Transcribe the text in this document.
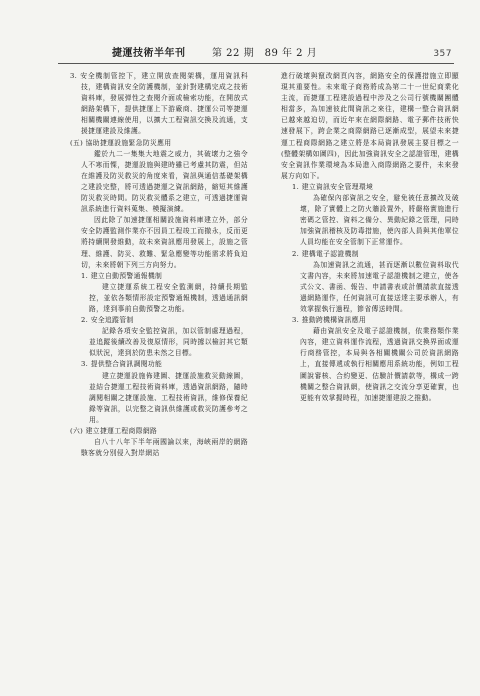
捷運技術半年刊	第 22 期　89 年 2 月	357

3. 安全機制管控下，建立開放查閱架構，運用資訊科技，建構資訊安全防護機制，並針對建構完成之技術資料庫，發展弹性之查閱介面或檢索功能，在開放式網路架構下，提供捷運上下游廠商、捷運公司等捷運相關機關連線使用，以擴大工程資訊交換及流通，支援捷運建設及維護。

(五) 協助捷運設施緊急防災應用

鑑於九二一集集大地震之威力，其破壞力之強令人不寒而慄，捷運設施與建時雖已考慮其防震，但站在維護及防災救災的角度來看，資訊與通信基礎架構之建設完整，將可透過捷運之資訊網路，縮短其維護防災救災時間。防災救災體系之建立，可透過捷運資訊系統進行資料蒐集、模擬演練。

因此除了加速捷運相關設施資料庫建立外，部分安全防護監測作業亦不因員工程竣工而撤永，反而更將持續開發維動，故未來資訊應用發展上，設施之管理、維護、防災、救難、緊急應變等功能需求將負迫切，未來將朝下列三方向努力。

1. 建立自動預警通報機制

建立捷運系統工程安全監測網，持續長期監控，並依各類情形設定預警通報機制，透過通訊網路，達到事前自動預警之功能。

2. 安全追蹤管制

記錄各項安全監控資訊，加以管制處理過程，並追蹤後續改善及復原情形，同時據以檢討其它類似狀況，達到於防患未然之目標。

3. 提供整合資訊調閱功能

建立捷運設施佈建圖、捷運設施救災動線圖，並結合捷運工程技術資料庫，透過資訊網路，隨時調閱相關之捷運設施、工程技術資訊，維修保養紀錄等資訊，以完整之資訊供維護或救災防護參考之用。

(六) 建立捷運工程商際網路

自八十八年下半年兩國論以來，海峽兩岸的網路駭客就分別侵入對岸網站

進行破壞與竄改網頁內容，網路安全的保護措施立即顯現其重要性。未來電子商務將成為第二十一世紀商業化主流，而捷運工程建設過程中涉及之公司行號機關團體相當多，為加速彼此間資訊之來往，建構一整合資訊網已越來越迫切，而近年來在網際網路、電子郵件技術快速發展下，跨企業之商際網路已逐漸成型，展望未來捷運工程商際網路之建立將是本局資訊發展主要目標之一(整體架構如圖四)，因此加強資訊安全之認證管理，建構安全資訊作業環境為本局進入商際網路之要件，未來發展方向如下。

1. 建立資訊安全管理環境

為確保內部資訊之安全，避免被任意擴改及破壞，除了實體上之防火牆設置外，將嚴格實施進行密碼之管控、資料之備分、異動紀錄之管理，同時加強資訊稽核及防毒措施，使內部人員與其他單位人員均能在安全管制下正常運作。

2. 建構電子認證機制

為加速資訊之流通，甚而逐漸以數位資料取代文書內容，未來將加速電子認證機制之建立，使各式公文、書函、報告、申請書表或計價請款直接透過網路運作，任何資訊可直接送達主要承辦人，有效掌握執行過程，節省傳送時間。

3. 推動跨機構資訊應用

藉由資訊安全及電子認證機制，依業務類作業內容，建立資料運作流程，透過資訊交換界面或運行商務管控，本局與各相關機關公司於資訊網路上，直接傳遞或執行相關應用系統功能，例如工程圖說審核、合約變更、估驗計價請款等，構成一跨機關之整合資訊網，使資訊之交流分享更確實，也更能有效掌握時程，加速捷運建設之推動。
